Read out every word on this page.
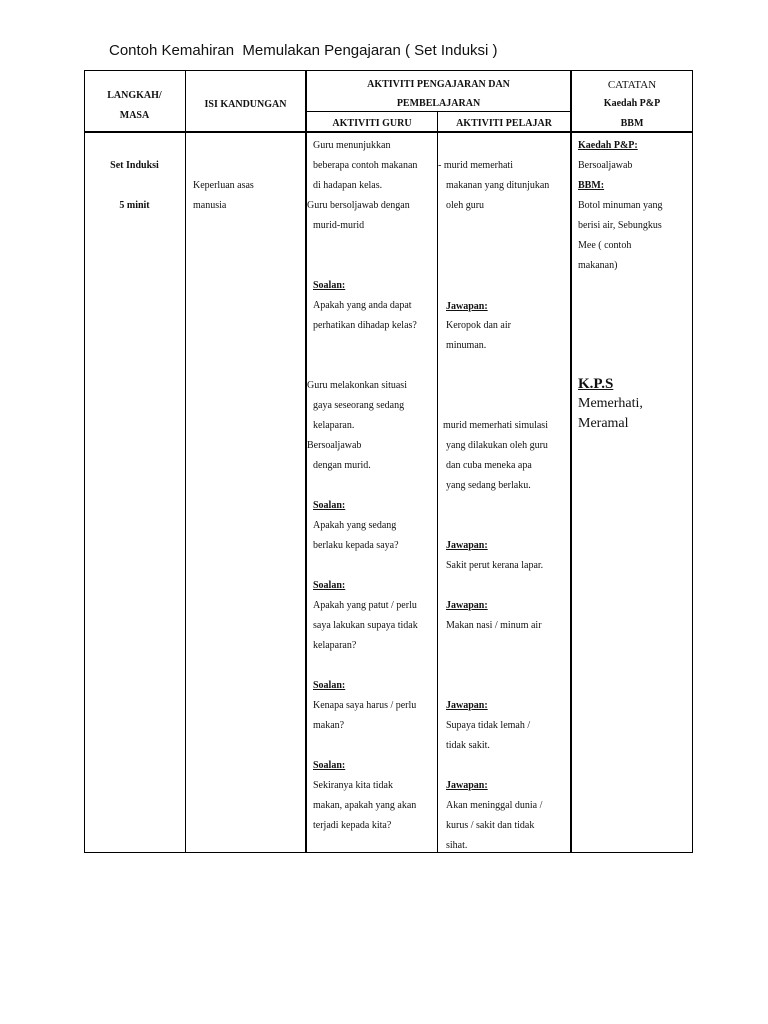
Contoh Kemahiran  Memulakan Pengajaran ( Set Induksi )
LANGKAH/
MASA
ISI KANDUNGAN
AKTIVITI PENGAJARAN DAN
PEMBELAJARAN
AKTIVITI GURU	AKTIVITI PELAJAR
CATATAN
Kaedah P&P
BBM
Set Induksi
5 minit
Keperluan asas
manusia
Guru menunjukkan
beberapa contoh makanan
di hadapan kelas.
Guru bersoljawab dengan
murid-murid
Soalan:
Apakah yang anda dapat
perhatikan dihadap kelas?
Guru melakonkan situasi
gaya seseorang sedang
kelaparan.
Bersoaljawab
dengan murid.
Soalan:
Apakah yang sedang
berlaku kepada saya?
Soalan:
Apakah yang patut / perlu
saya lakukan supaya tidak
kelaparan?
Soalan:
Kenapa saya harus / perlu
makan?
Soalan:
Sekiranya kita tidak
makan, apakah yang akan
terjadi kepada kita?
- murid memerhati
makanan yang ditunjukan
oleh guru
Jawapan:
Keropok dan air
minuman.
murid memerhati simulasi
yang dilakukan oleh guru
dan cuba meneka apa
yang sedang berlaku.
Jawapan:
Sakit perut kerana lapar.
Jawapan:
Makan nasi / minum air
Jawapan:
Supaya tidak lemah /
tidak sakit.
Jawapan:
Akan meninggal dunia /
kurus / sakit dan tidak
sihat.
Kaedah P&P:
Bersoaljawab
BBM:
Botol minuman yang
berisi air, Sebungkus
Mee ( contoh
makanan)
K.P.S
Memerhati,
Meramal
